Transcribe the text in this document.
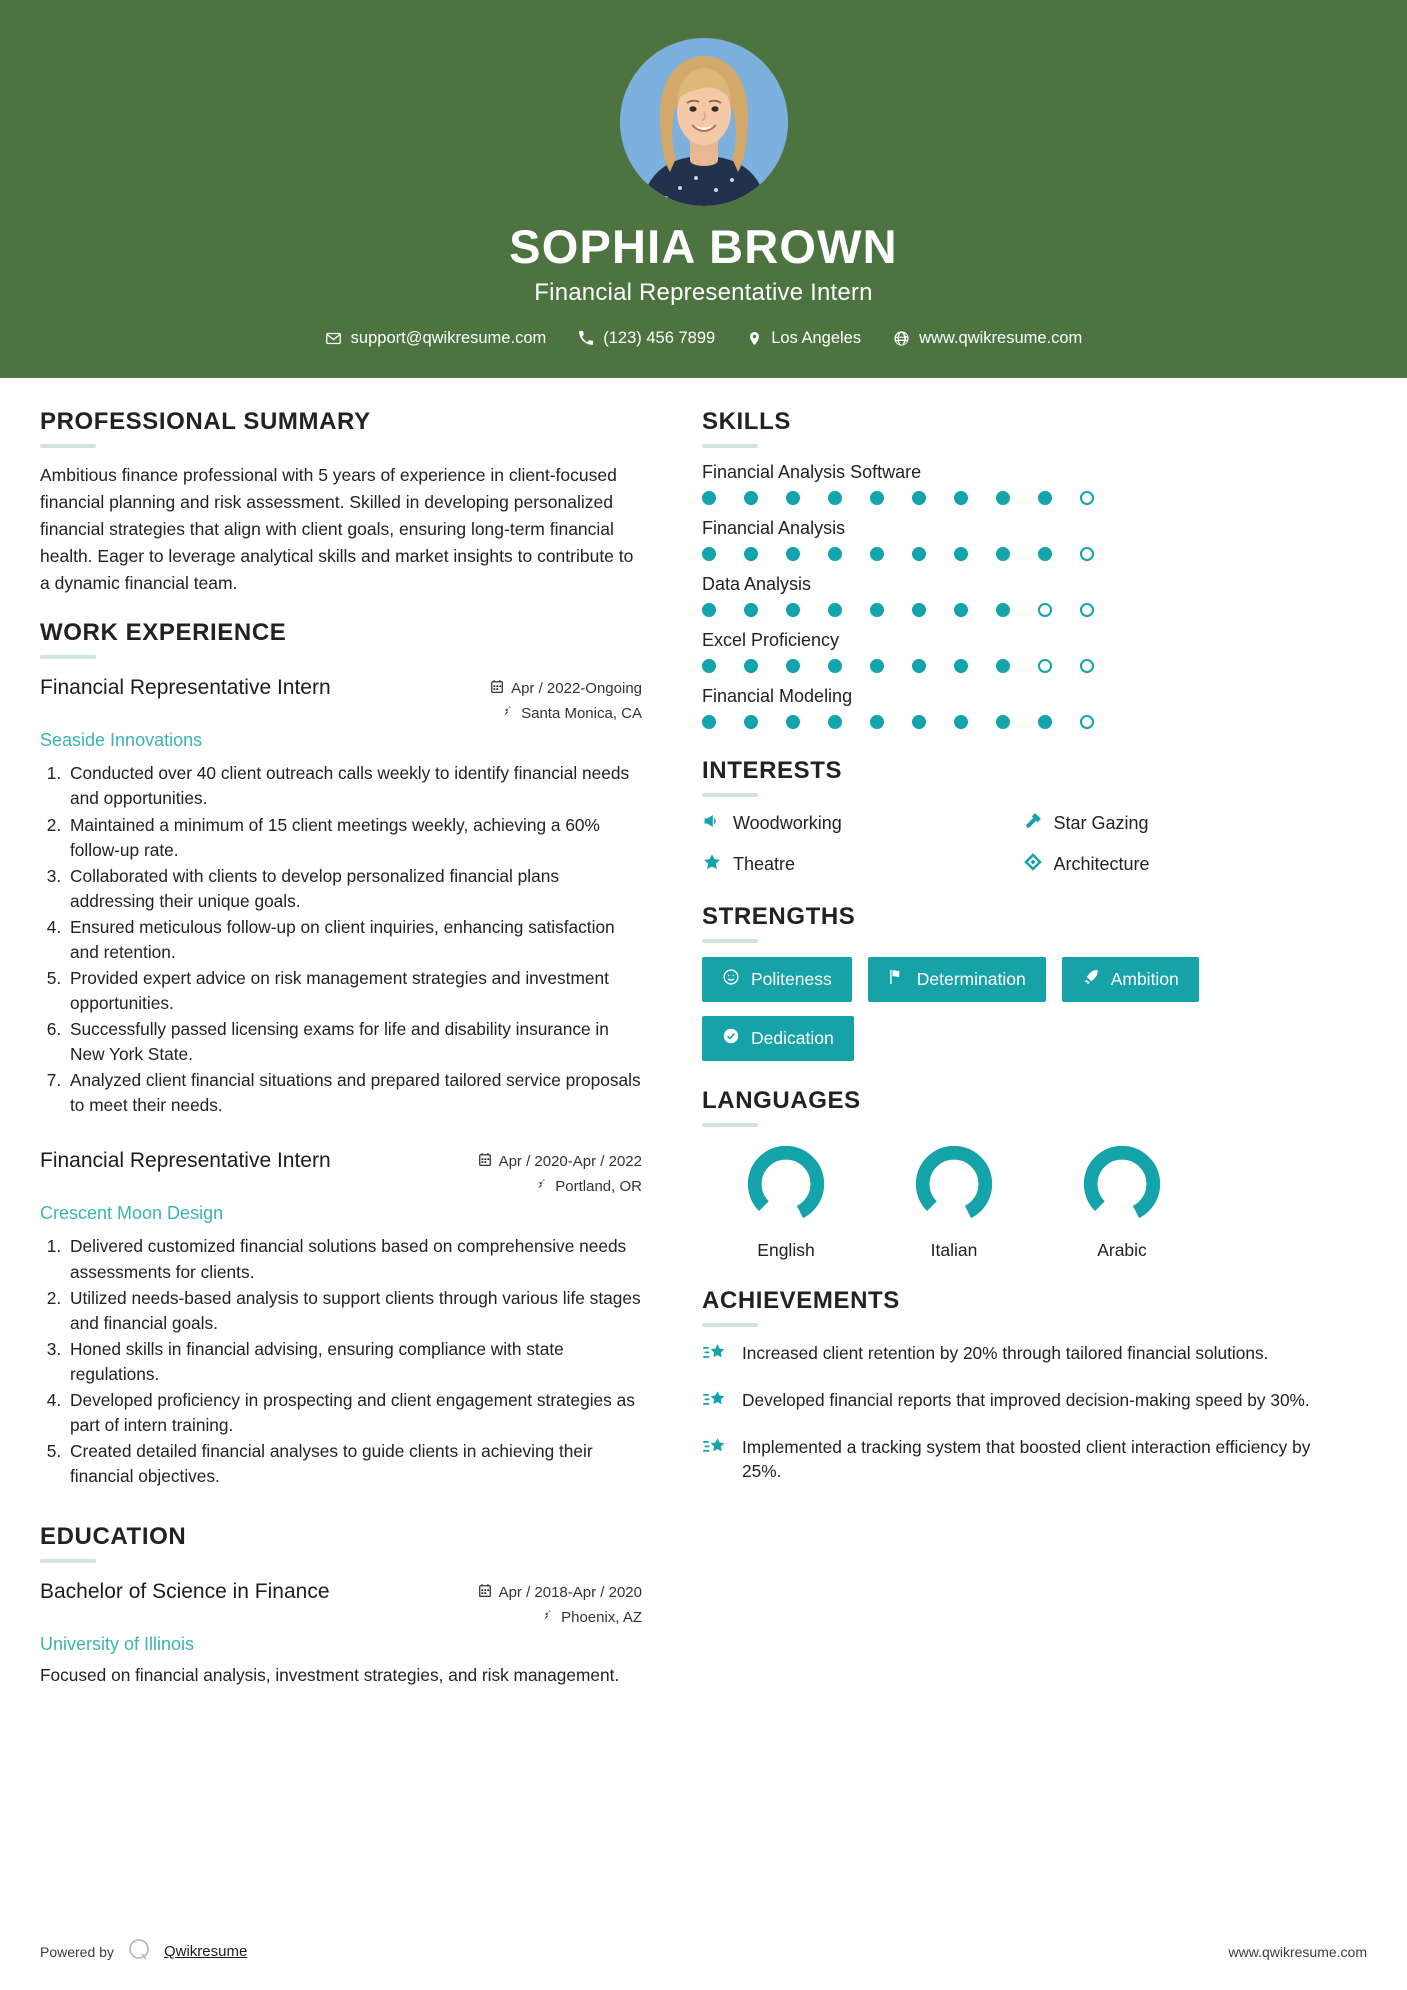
SOPHIA BROWN
Financial Representative Intern
support@qwikresume.com	(123) 456 7899	Los Angeles	www.qwikresume.com
PROFESSIONAL SUMMARY
Ambitious finance professional with 5 years of experience in client-focused financial planning and risk assessment. Skilled in developing personalized financial strategies that align with client goals, ensuring long-term financial health. Eager to leverage analytical skills and market insights to contribute to a dynamic financial team.
WORK EXPERIENCE
Financial Representative Intern	Apr / 2022-Ongoing
Santa Monica, CA
Seaside Innovations
1. Conducted over 40 client outreach calls weekly to identify financial needs and opportunities.
2. Maintained a minimum of 15 client meetings weekly, achieving a 60% follow-up rate.
3. Collaborated with clients to develop personalized financial plans addressing their unique goals.
4. Ensured meticulous follow-up on client inquiries, enhancing satisfaction and retention.
5. Provided expert advice on risk management strategies and investment opportunities.
6. Successfully passed licensing exams for life and disability insurance in New York State.
7. Analyzed client financial situations and prepared tailored service proposals to meet their needs.
Financial Representative Intern	Apr / 2020-Apr / 2022
Portland, OR
Crescent Moon Design
1. Delivered customized financial solutions based on comprehensive needs assessments for clients.
2. Utilized needs-based analysis to support clients through various life stages and financial goals.
3. Honed skills in financial advising, ensuring compliance with state regulations.
4. Developed proficiency in prospecting and client engagement strategies as part of intern training.
5. Created detailed financial analyses to guide clients in achieving their financial objectives.
EDUCATION
Bachelor of Science in Finance	Apr / 2018-Apr / 2020
Phoenix, AZ
University of Illinois
Focused on financial analysis, investment strategies, and risk management.
SKILLS
Financial Analysis Software
Financial Analysis
Data Analysis
Excel Proficiency
Financial Modeling
INTERESTS
Woodworking	Star Gazing
Theatre	Architecture
STRENGTHS
Politeness	Determination	Ambition
Dedication
LANGUAGES
English	Italian	Arabic
ACHIEVEMENTS
Increased client retention by 20% through tailored financial solutions.
Developed financial reports that improved decision-making speed by 30%.
Implemented a tracking system that boosted client interaction efficiency by 25%.
Powered by	Qwikresume	www.qwikresume.com
